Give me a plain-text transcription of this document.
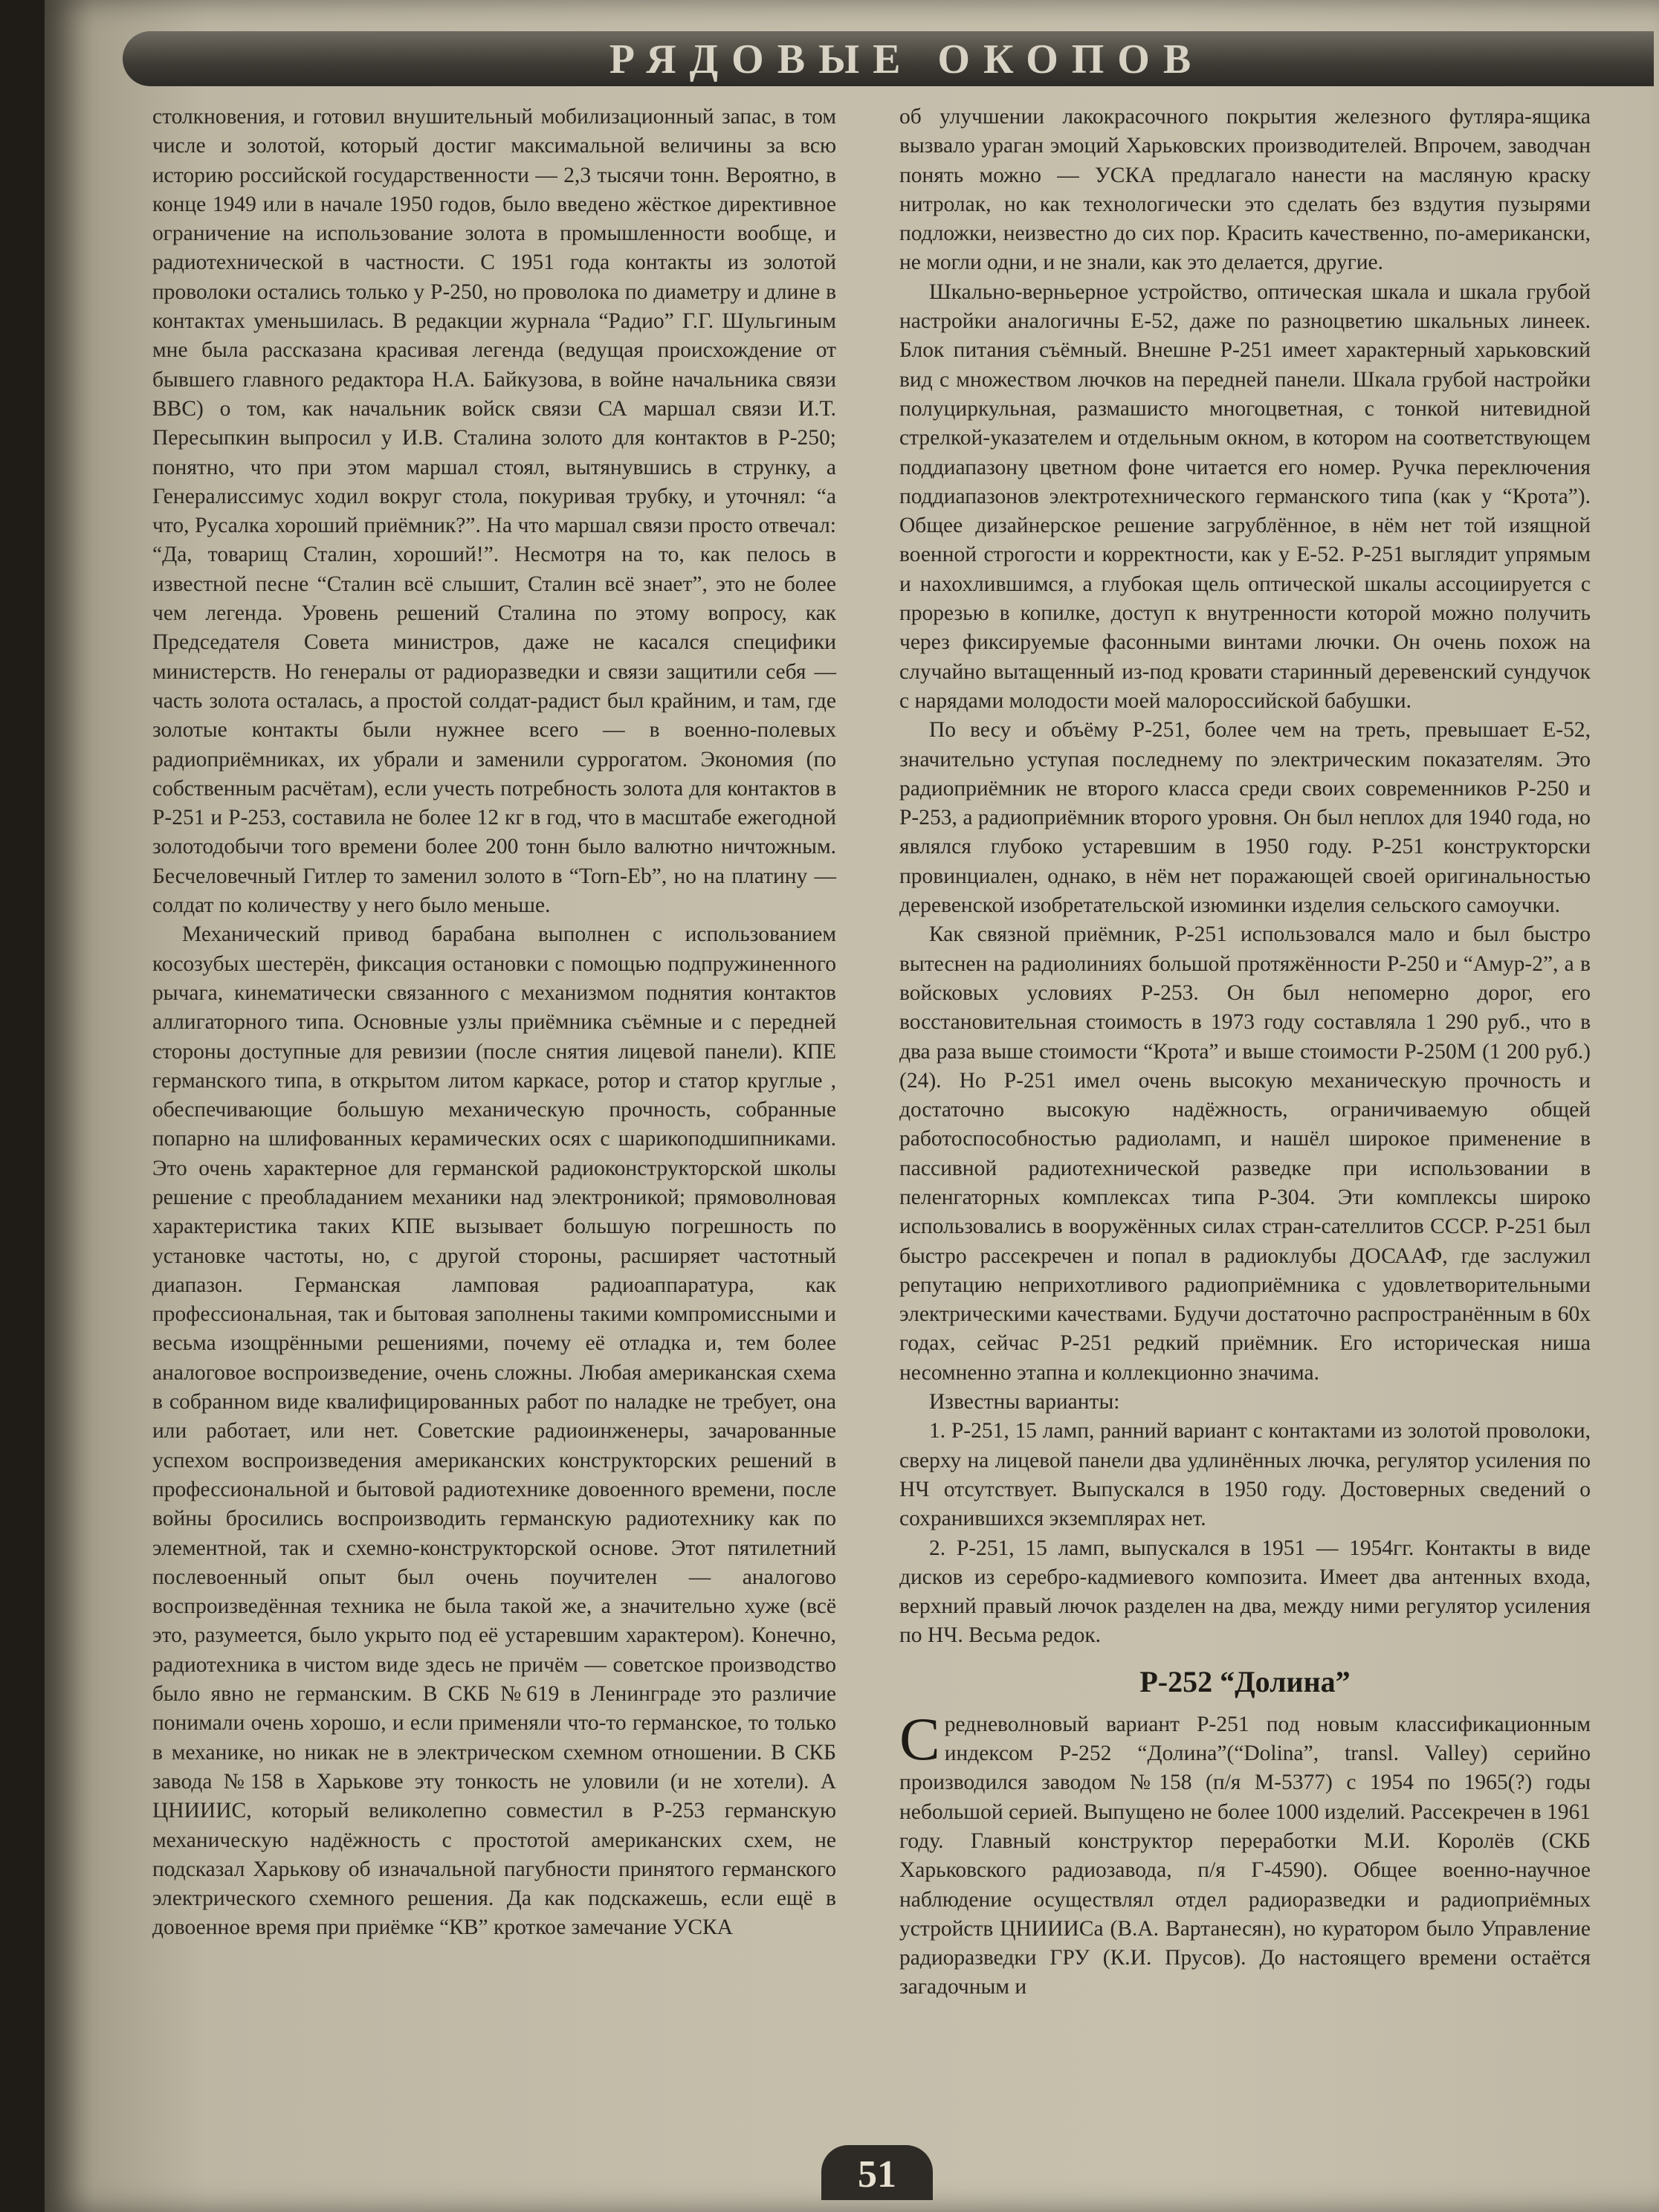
РЯДОВЫЕ ОКОПОВ

столкновения, и готовил внушительный мобилизационный запас, в том числе и золотой, который достиг максимальной величины за всю историю российской государственности — 2,3 тысячи тонн. Вероятно, в конце 1949 или в начале 1950 годов, было введено жёсткое директивное ограничение на использование золота в промышленности вообще, и радиотехнической в частности. С 1951 года контакты из золотой проволоки остались только у Р-250, но проволока по диаметру и длине в контактах уменьшилась. В редакции журнала “Радио” Г.Г. Шульгиным мне была рассказана красивая легенда (ведущая происхождение от бывшего главного редактора Н.А. Байкузова, в войне начальника связи ВВС) о том, как начальник войск связи СА маршал связи И.Т. Пересыпкин выпросил у И.В. Сталина золото для контактов в Р-250; понятно, что при этом маршал стоял, вытянувшись в струнку, а Генералиссимус ходил вокруг стола, покуривая трубку, и уточнял: “а что, Русалка хороший приёмник?”. На что маршал связи просто отвечал: “Да, товарищ Сталин, хороший!”. Несмотря на то, как пелось в известной песне “Сталин всё слышит, Сталин всё знает”, это не более чем легенда. Уровень решений Сталина по этому вопросу, как Председателя Совета министров, даже не касался специфики министерств. Но генералы от радиоразведки и связи защитили себя — часть золота осталась, а простой солдат-радист был крайним, и там, где золотые контакты были нужнее всего — в военно-полевых радиоприёмниках, их убрали и заменили суррогатом. Экономия (по собственным расчётам), если учесть потребность золота для контактов в Р-251 и Р-253, составила не более 12 кг в год, что в масштабе ежегодной золотодобычи того времени более 200 тонн было валютно ничтожным. Бесчеловечный Гитлер то заменил золото в “Torn-Eb”, но на платину — солдат по количеству у него было меньше.

Механический привод барабана выполнен с использованием косозубых шестерён, фиксация остановки с помощью подпружиненного рычага, кинематически связанного с механизмом поднятия контактов аллигаторного типа. Основные узлы приёмника съёмные и с передней стороны доступные для ревизии (после снятия лицевой панели). КПЕ германского типа, в открытом литом каркасе, ротор и статор круглые , обеспечивающие большую механическую прочность, собранные попарно на шлифованных керамических осях с шарикоподшипниками. Это очень характерное для германской радиоконструкторской школы решение с преобладанием механики над электроникой; прямоволновая характеристика таких КПЕ вызывает большую погрешность по установке частоты, но, с другой стороны, расширяет частотный диапазон. Германская ламповая радиоаппаратура, как профессиональная, так и бытовая заполнены такими компромиссными и весьма изощрёнными решениями, почему её отладка и, тем более аналоговое воспроизведение, очень сложны. Любая американская схема в собранном виде квалифицированных работ по наладке не требует, она или работает, или нет. Советские радиоинженеры, зачарованные успехом воспроизведения американских конструкторских решений в профессиональной и бытовой радиотехнике довоенного времени, после войны бросились воспроизводить германскую радиотехнику как по элементной, так и схемно-конструкторской основе. Этот пятилетний послевоенный опыт был очень поучителен — аналогово воспроизведённая техника не была такой же, а значительно хуже (всё это, разумеется, было укрыто под её устаревшим характером). Конечно, радиотехника в чистом виде здесь не причём — советское производство было явно не германским. В СКБ №619 в Ленинграде это различие понимали очень хорошо, и если применяли что-то германское, то только в механике, но никак не в электрическом схемном отношении. В СКБ завода №158 в Харькове эту тонкость не уловили (и не хотели). А ЦНИИИС, который великолепно совместил в Р-253 германскую механическую надёжность с простотой американских схем, не подсказал Харькову об изначальной пагубности принятого германского электрического схемного решения. Да как подскажешь, если ещё в довоенное время при приёмке “КВ” кроткое замечание УСКА

об улучшении лакокрасочного покрытия железного футляра-ящика вызвало ураган эмоций Харьковских производителей. Впрочем, заводчан понять можно — УСКА предлагало нанести на масляную краску нитролак, но как технологически это сделать без вздутия пузырями подложки, неизвестно до сих пор. Красить качественно, по-американски, не могли одни, и не знали, как это делается, другие.

Шкально-верньерное устройство, оптическая шкала и шкала грубой настройки аналогичны Е-52, даже по разноцветию шкальных линеек. Блок питания съёмный. Внешне Р-251 имеет характерный харьковский вид с множеством лючков на передней панели. Шкала грубой настройки полуциркульная, размашисто многоцветная, с тонкой нитевидной стрелкой-указателем и отдельным окном, в котором на соответствующем поддиапазону цветном фоне читается его номер. Ручка переключения поддиапазонов электротехнического германского типа (как у “Крота”). Общее дизайнерское решение загрублённое, в нём нет той изящной военной строгости и корректности, как у Е-52. Р-251 выглядит упрямым и нахохлившимся, а глубокая щель оптической шкалы ассоциируется с прорезью в копилке, доступ к внутренности которой можно получить через фиксируемые фасонными винтами лючки. Он очень похож на случайно вытащенный из-под кровати старинный деревенский сундучок с нарядами молодости моей малороссийской бабушки.

По весу и объёму Р-251, более чем на треть, превышает Е-52, значительно уступая последнему по электрическим показателям. Это радиоприёмник не второго класса среди своих современников Р-250 и Р-253, а радиоприёмник второго уровня. Он был неплох для 1940 года, но являлся глубоко устаревшим в 1950 году. Р-251 конструкторски провинциален, однако, в нём нет поражающей своей оригинальностью деревенской изобретательской изюминки изделия сельского самоучки.

Как связной приёмник, Р-251 использовался мало и был быстро вытеснен на радиолиниях большой протяжённости Р-250 и “Амур-2”, а в войсковых условиях Р-253. Он был непомерно дорог, его восстановительная стоимость в 1973 году составляла 1 290 руб., что в два раза выше стоимости “Крота” и выше стоимости Р-250М (1 200 руб.) (24). Но Р-251 имел очень высокую механическую прочность и достаточно высокую надёжность, ограничиваемую общей работоспособностью радиоламп, и нашёл широкое применение в пассивной радиотехнической разведке при использовании в пеленгаторных комплексах типа Р-304. Эти комплексы широко использовались в вооружённых силах стран-сателлитов СССР. Р-251 был быстро рассекречен и попал в радиоклубы ДОСААФ, где заслужил репутацию неприхотливого радиоприёмника с удовлетворительными электрическими качествами. Будучи достаточно распространённым в 60х годах, сейчас Р-251 редкий приёмник. Его историческая ниша несомненно этапна и коллекционно значима.

Известны варианты:

1. Р-251, 15 ламп, ранний вариант с контактами из золотой проволоки, сверху на лицевой панели два удлинённых лючка, регулятор усиления по НЧ отсутствует. Выпускался в 1950 году. Достоверных сведений о сохранившихся экземплярах нет.

2. Р-251, 15 ламп, выпускался в 1951 — 1954гг. Контакты в виде дисков из серебро-кадмиевого композита. Имеет два антенных входа, верхний правый лючок разделен на два, между ними регулятор усиления по НЧ. Весьма редок.

Р-252 “Долина”

Средневолновый вариант Р-251 под новым классификационным индексом Р-252 “Долина”(“Dolina”, transl. Valley) серийно производился заводом №158 (п/я М-5377) с 1954 по 1965(?) годы небольшой серией. Выпущено не более 1000 изделий. Рассекречен в 1961 году. Главный конструктор переработки М.И. Королёв (СКБ Харьковского радиозавода, п/я Г-4590). Общее военно-научное наблюдение осуществлял отдел радиоразведки и радиоприёмных устройств ЦНИИИСа (В.А. Вартанесян), но куратором было Управление радиоразведки ГРУ (К.И. Прусов). До настоящего времени остаётся загадочным и

51
